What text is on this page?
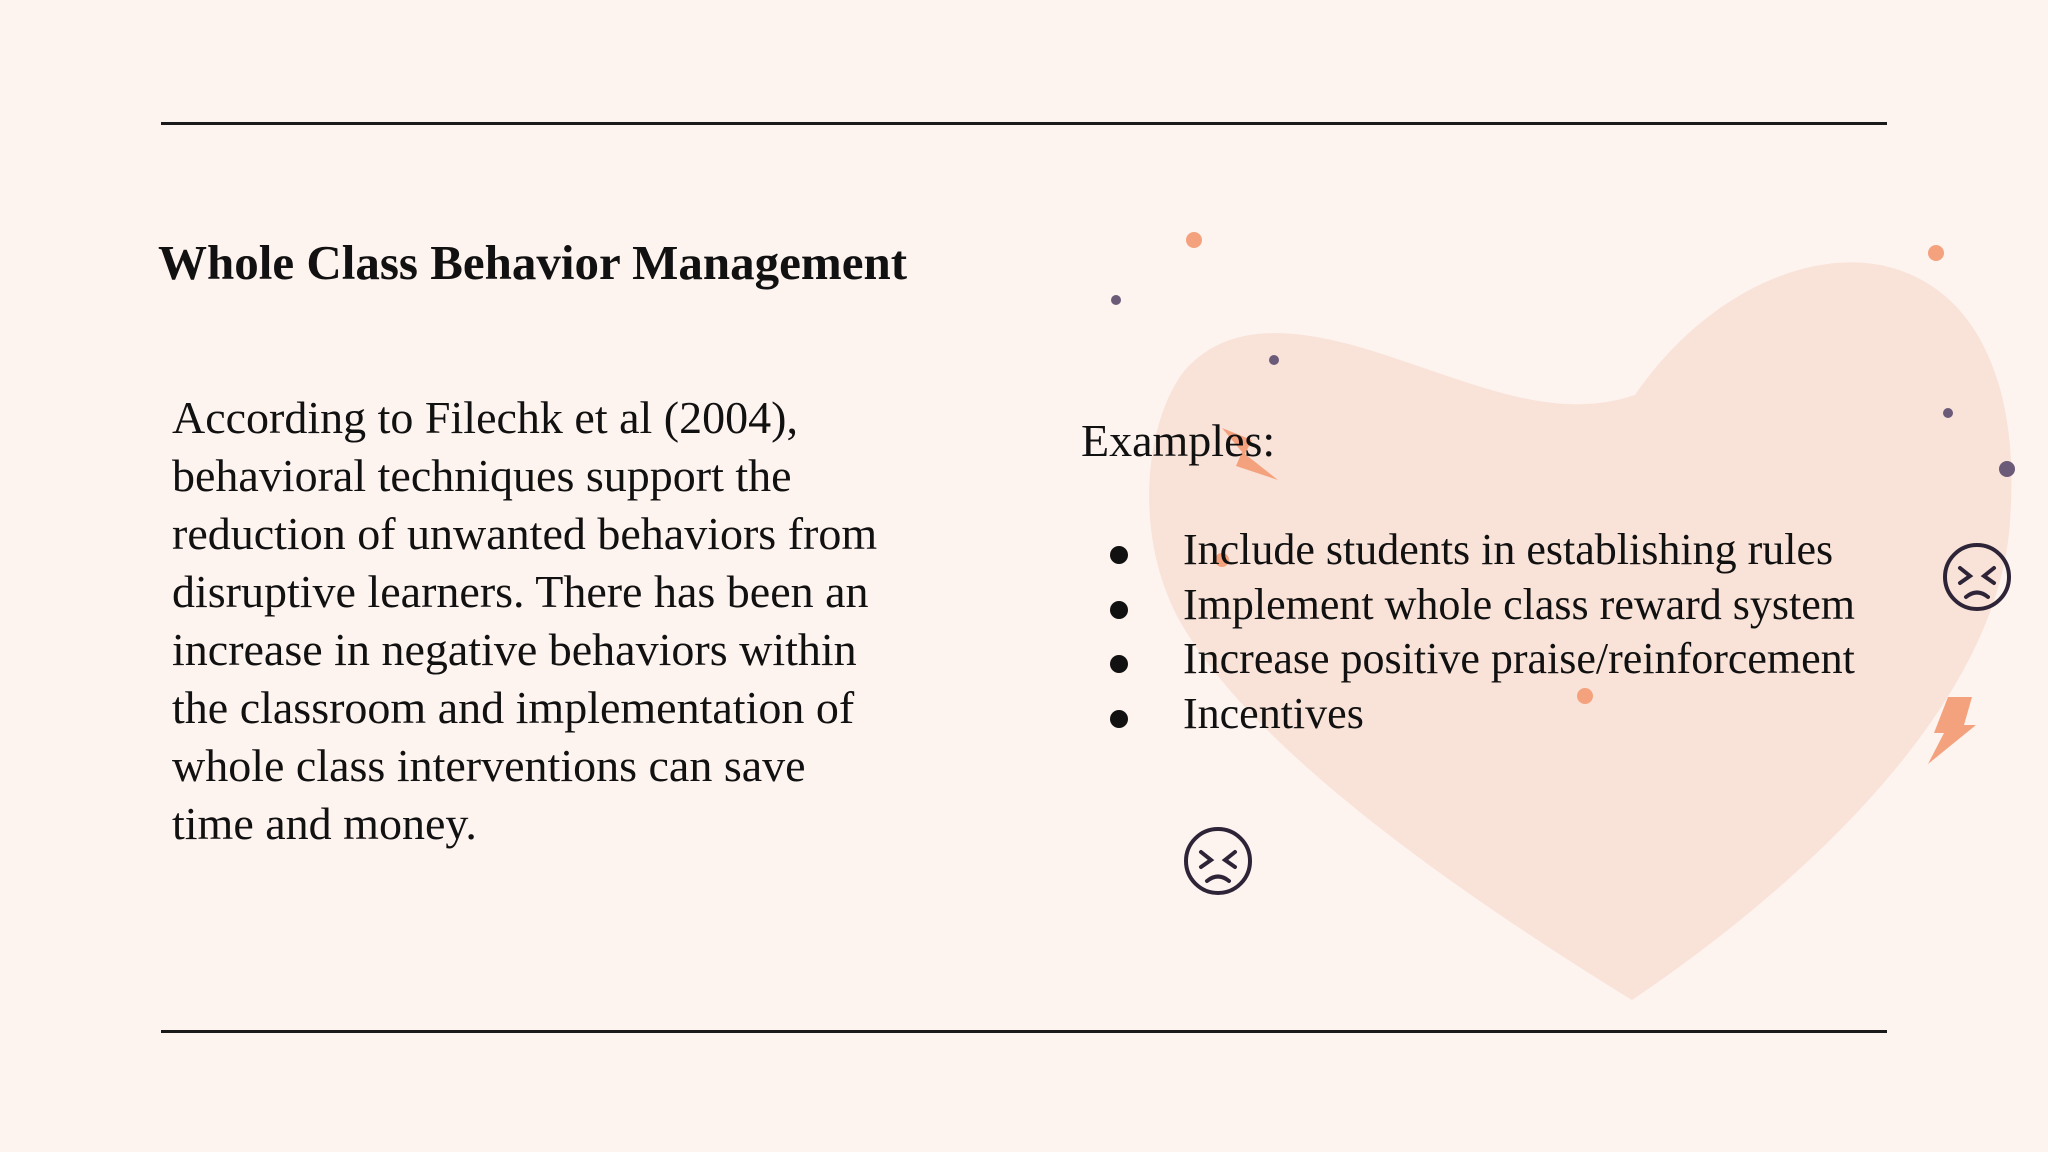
Whole Class Behavior Management

According to Filechk et al (2004), behavioral techniques support the reduction of unwanted behaviors from disruptive learners. There has been an increase in negative behaviors within the classroom and implementation of whole class interventions can save time and money.

Examples:

Include students in establishing rules
Implement whole class reward system
Increase positive praise/reinforcement
Incentives
